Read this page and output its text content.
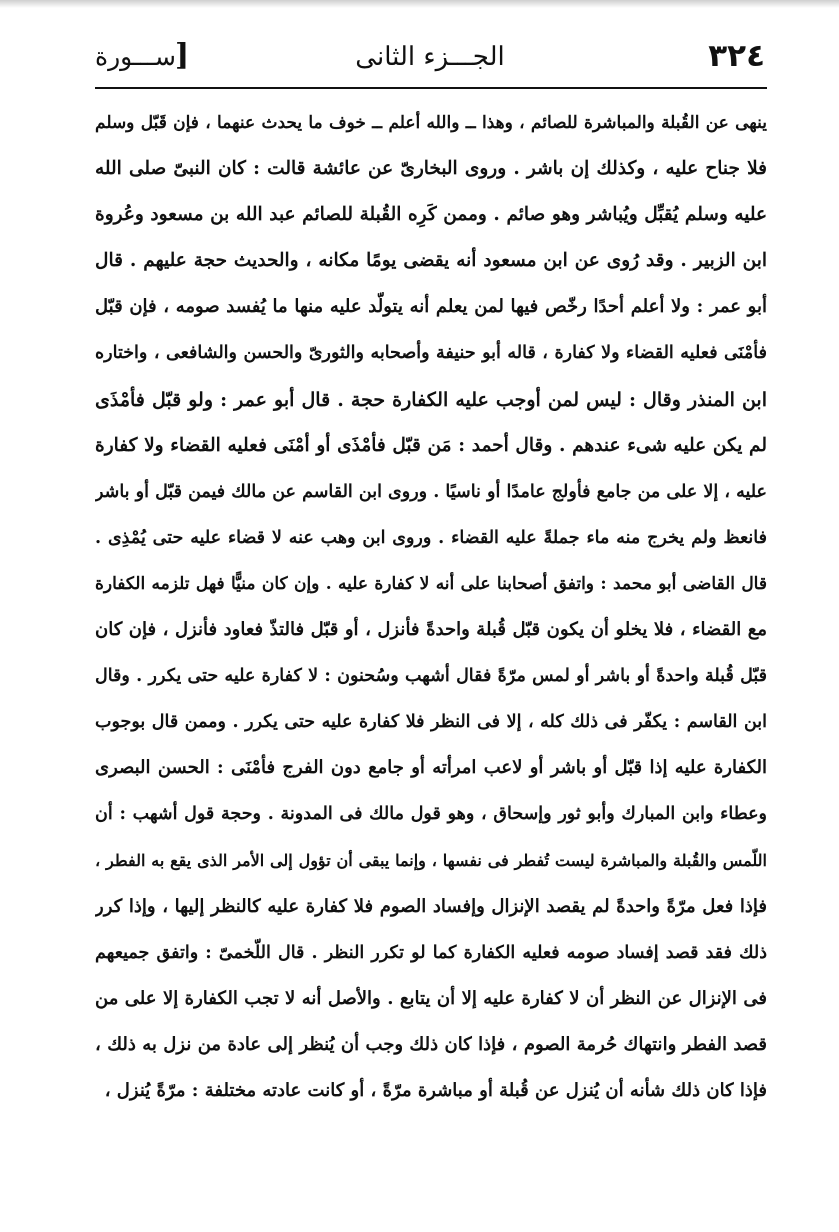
٣٢٤
الجـــزء الثانى
[
ســـورة
ينهى عن القُبلة والمباشرة للصائم ، وهذا ــ والله أعلم ــ خوف ما يحدث عنهما ، فإن قَبّل وسلم
فلا جناح عليه ، وكذلك إن باشر . وروى البخارىّ عن عائشة قالت : كان النبىّ صلى الله
عليه وسلم يُقبِّل ويُباشر وهو صائم . وممن كَرِه القُبلة للصائم عبد الله بن مسعود وعُروة
ابن الزبير . وقد رُوى عن ابن مسعود أنه يقضى يومًا مكانه ، والحديث حجة عليهم . قال
أبو عمر : ولا أعلم أحدًا رخّص فيها لمن يعلم أنه يتولّد عليه منها ما يُفسد صومه ، فإن قبّل
فأمْنَى فعليه القضاء ولا كفارة ، قاله أبو حنيفة وأصحابه والثورىّ والحسن والشافعى ، واختاره
ابن المنذر وقال : ليس لمن أوجب عليه الكفارة حجة . قال أبو عمر : ولو قبّل فأمْذَى
لم يكن عليه شىء عندهم . وقال أحمد : مَن قبّل فأمْذَى أو أمْنَى فعليه القضاء ولا كفارة
عليه ، إلا على من جامع فأولج عامدًا أو ناسيًا . وروى ابن القاسم عن مالك فيمن قبّل أو باشر
فانعظ ولم يخرج منه ماء جملةً عليه القضاء . وروى ابن وهب عنه لا قضاء عليه حتى يُمْذِى .
قال القاضى أبو محمد : واتفق أصحابنا على أنه لا كفارة عليه . وإن كان منيًّا فهل تلزمه الكفارة
مع القضاء ، فلا يخلو أن يكون قبّل قُبلة واحدةً فأنزل ، أو قبّل فالتذّ فعاود فأنزل ، فإن كان
قبّل قُبلة واحدةً أو باشر أو لمس مرّةً فقال أشهب وسُحنون : لا كفارة عليه حتى يكرر . وقال
ابن القاسم : يكفّر فى ذلك كله ، إلا فى النظر فلا كفارة عليه حتى يكرر . وممن قال بوجوب
الكفارة عليه إذا قبّل أو باشر أو لاعب امرأته أو جامع دون الفرج فأمْنَى : الحسن البصرى
وعطاء وابن المبارك وأبو ثور وإسحاق ، وهو قول مالك فى المدونة . وحجة قول أشهب : أن
اللّمس والقُبلة والمباشرة ليست تُفطر فى نفسها ، وإنما يبقى أن تؤول إلى الأمر الذى يقع به الفطر ،
فإذا فعل مرّةً واحدةً لم يقصد الإنزال وإفساد الصوم فلا كفارة عليه كالنظر إليها ، وإذا كرر
ذلك فقد قصد إفساد صومه فعليه الكفارة كما لو تكرر النظر . قال اللّخمىّ : واتفق جميعهم
فى الإنزال عن النظر أن لا كفارة عليه إلا أن يتابع . والأصل أنه لا تجب الكفارة إلا على من
قصد الفطر وانتهاك حُرمة الصوم ، فإذا كان ذلك وجب أن يُنظر إلى عادة من نزل به ذلك ،
فإذا كان ذلك شأنه أن يُنزل عن قُبلة أو مباشرة مرّةً ، أو كانت عادته مختلفة : مرّةً يُنزل ،
